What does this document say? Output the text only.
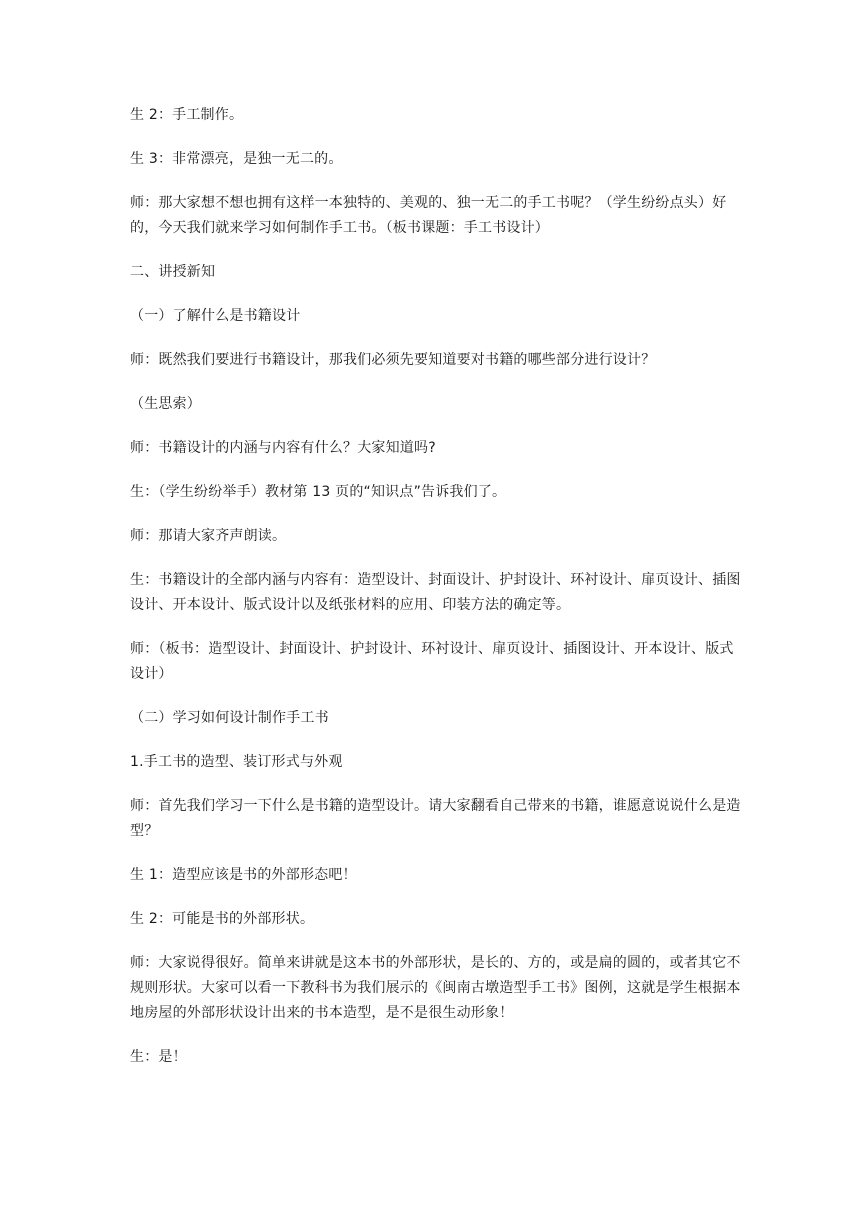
生 2：手工制作。

生 3：非常漂亮，是独一无二的。

师：那大家想不想也拥有这样一本独特的、美观的、独一无二的手工书呢？（学生纷纷点头）好的，今天我们就来学习如何制作手工书。（板书课题：手工书设计）

二、讲授新知

（一）了解什么是书籍设计

师：既然我们要进行书籍设计，那我们必须先要知道要对书籍的哪些部分进行设计？

（生思索）

师：书籍设计的内涵与内容有什么？大家知道吗?

生：（学生纷纷举手）教材第 13 页的“知识点”告诉我们了。

师：那请大家齐声朗读。

生：书籍设计的全部内涵与内容有：造型设计、封面设计、护封设计、环衬设计、扉页设计、插图设计、开本设计、版式设计以及纸张材料的应用、印装方法的确定等。

师：（板书：造型设计、封面设计、护封设计、环衬设计、扉页设计、插图设计、开本设计、版式设计）

（二）学习如何设计制作手工书

1.手工书的造型、装订形式与外观

师：首先我们学习一下什么是书籍的造型设计。请大家翻看自己带来的书籍，谁愿意说说什么是造型？

生 1：造型应该是书的外部形态吧！

生 2：可能是书的外部形状。

师：大家说得很好。简单来讲就是这本书的外部形状，是长的、方的，或是扁的圆的，或者其它不规则形状。大家可以看一下教科书为我们展示的《闽南古墩造型手工书》图例，这就是学生根据本地房屋的外部形状设计出来的书本造型，是不是很生动形象！

生：是！
